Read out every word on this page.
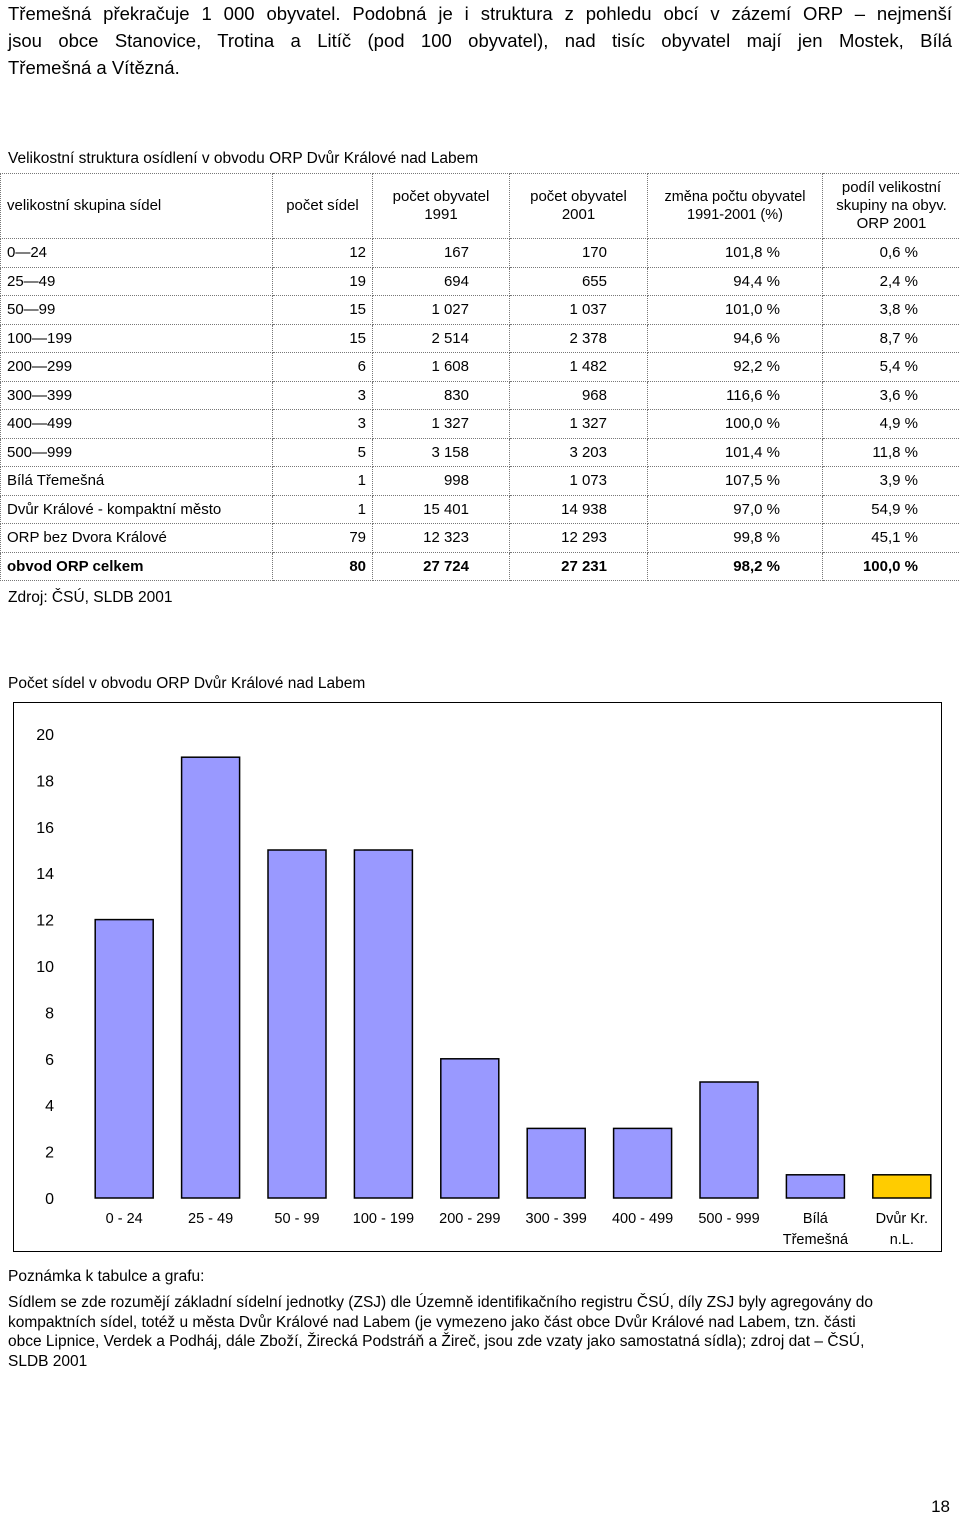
Třemešná překračuje 1 000 obyvatel. Podobná je i struktura z pohledu obcí v zázemí ORP – nejmenší
jsou obce Stanovice, Trotina a Litíč (pod 100 obyvatel), nad tisíc obyvatel mají jen Mostek, Bílá
Třemešná a Vítězná.

Velikostní struktura osídlení v obvodu ORP Dvůr Králové nad Labem
velikostní skupina sídel	počet sídel	počet obyvatel 1991	počet obyvatel 2001	změna počtu obyvatel 1991-2001 (%)	podíl velikostní skupiny na obyv. ORP 2001
0—24	12	167	170	101,8 %	0,6 %
25—49	19	694	655	94,4 %	2,4 %
50—99	15	1 027	1 037	101,0 %	3,8 %
100—199	15	2 514	2 378	94,6 %	8,7 %
200—299	6	1 608	1 482	92,2 %	5,4 %
300—399	3	830	968	116,6 %	3,6 %
400—499	3	1 327	1 327	100,0 %	4,9 %
500—999	5	3 158	3 203	101,4 %	11,8 %
Bílá Třemešná	1	998	1 073	107,5 %	3,9 %
Dvůr Králové - kompaktní město	1	15 401	14 938	97,0 %	54,9 %
ORP bez Dvora Králové	79	12 323	12 293	99,8 %	45,1 %
obvod ORP celkem	80	27 724	27 231	98,2 %	100,0 %
Zdroj: ČSÚ, SLDB 2001
Počet sídel v obvodu ORP Dvůr Králové nad Labem
0
2
4
6
8
10
12
14
16
18
20
0 - 24	25 - 49	50 - 99 100 - 199 200 - 299 300 - 399 400 - 499 500 - 999	Bílá
Třemešná
Dvůr Kr.
n.L.
Poznámka k tabulce a grafu:
Sídlem se zde rozumějí základní sídelní jednotky (ZSJ) dle Územně identifikačního registru ČSÚ, díly ZSJ byly agregovány do
kompaktních sídel, totéž u města Dvůr Králové nad Labem (je vymezeno jako část obce Dvůr Králové nad Labem, tzn. části
obce Lipnice, Verdek a Podháj, dále Zboží, Žirecká Podstráň a Žireč, jsou zde vzaty jako samostatná sídla); zdroj dat – ČSÚ,
SLDB 2001
18
